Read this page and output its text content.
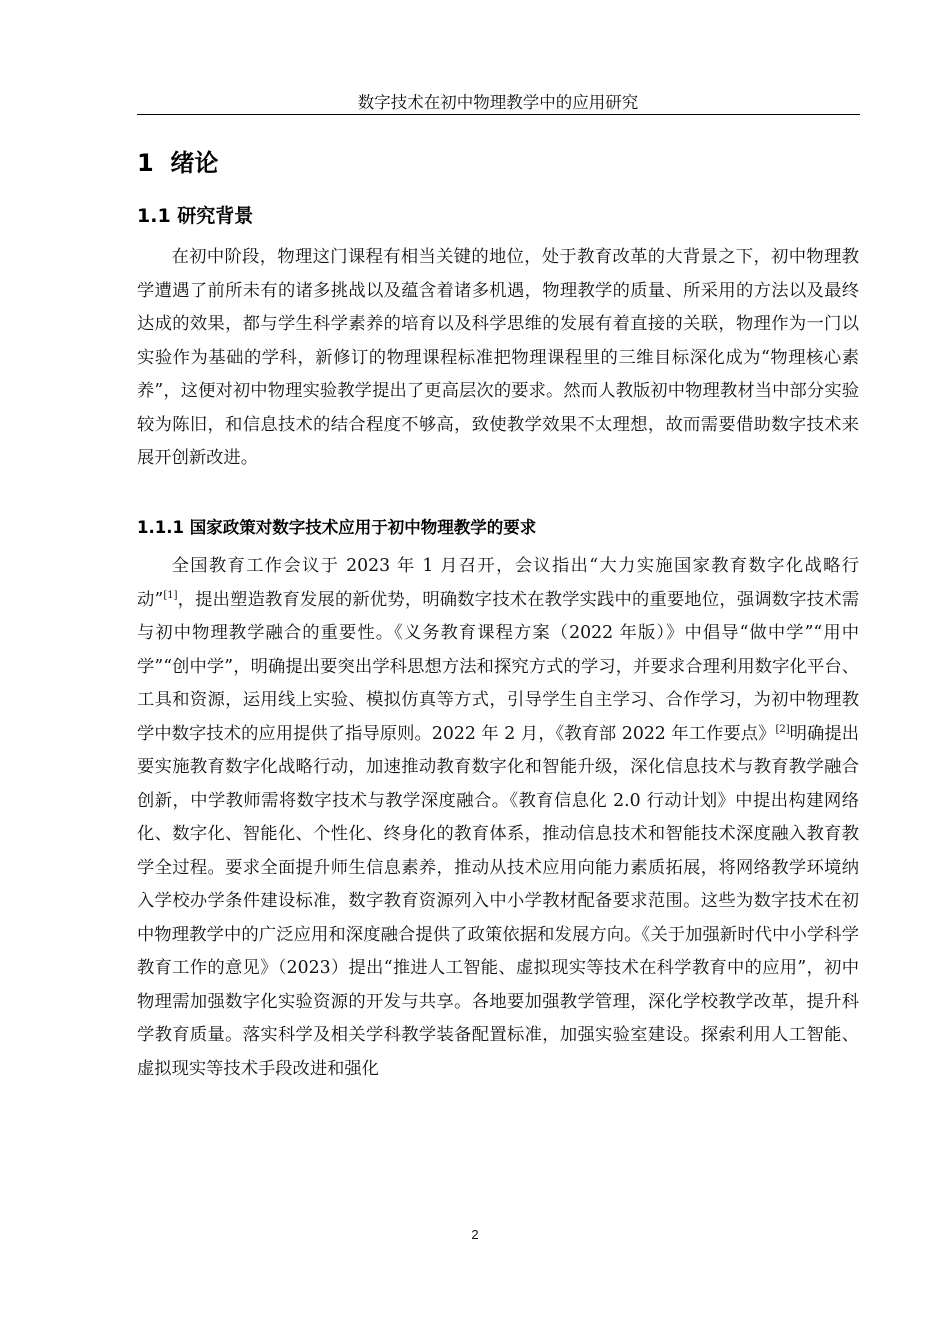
数字技术在初中物理教学中的应用研究
1  绪论
1.1 研究背景

在初中阶段，物理这门课程有相当关键的地位，处于教育改革的大背景之下，初中物理教学遭遇了前所未有的诸多挑战以及蕴含着诸多机遇，物理教学的质量、所采用的方法以及最终达成的效果，都与学生科学素养的培育以及科学思维的发展有着直接的关联，物理作为一门以实验作为基础的学科，新修订的物理课程标准把物理课程里的三维目标深化成为“物理核心素养”，这便对初中物理实验教学提出了更高层次的要求。然而人教版初中物理教材当中部分实验较为陈旧，和信息技术的结合程度不够高，致使教学效果不太理想，故而需要借助数字技术来展开创新改进。

1.1.1 国家政策对数字技术应用于初中物理教学的要求

全国教育工作会议于 2023 年 1 月召开，会议指出“大力实施国家教育数字化战略行动”[1]，提出塑造教育发展的新优势，明确数字技术在教学实践中的重要地位，强调数字技术需与初中物理教学融合的重要性。《义务教育课程方案（2022 年版）》中倡导“做中学”“用中学”“创中学”，明确提出要突出学科思想方法和探究方式的学习，并要求合理利用数字化平台、工具和资源，运用线上实验、模拟仿真等方式，引导学生自主学习、合作学习，为初中物理教学中数字技术的应用提供了指导原则。2022 年 2 月，《教育部 2022 年工作要点》[2]明确提出要实施教育数字化战略行动，加速推动教育数字化和智能升级，深化信息技术与教育教学融合创新，中学教师需将数字技术与教学深度融合。《教育信息化 2.0 行动计划》中提出构建网络化、数字化、智能化、个性化、终身化的教育体系，推动信息技术和智能技术深度融入教育教学全过程。要求全面提升师生信息素养，推动从技术应用向能力素质拓展，将网络教学环境纳入学校办学条件建设标准，数字教育资源列入中小学教材配备要求范围。这些为数字技术在初中物理教学中的广泛应用和深度融合提供了政策依据和发展方向。《关于加强新时代中小学科学教育工作的意见》（2023）提出“推进人工智能、虚拟现实等技术在科学教育中的应用”，初中物理需加强数字化实验资源的开发与共享。各地要加强教学管理，深化学校教学改革，提升科学教育质量。落实科学及相关学科教学装备配置标准，加强实验室建设。探索利用人工智能、虚拟现实等技术手段改进和强化

2
